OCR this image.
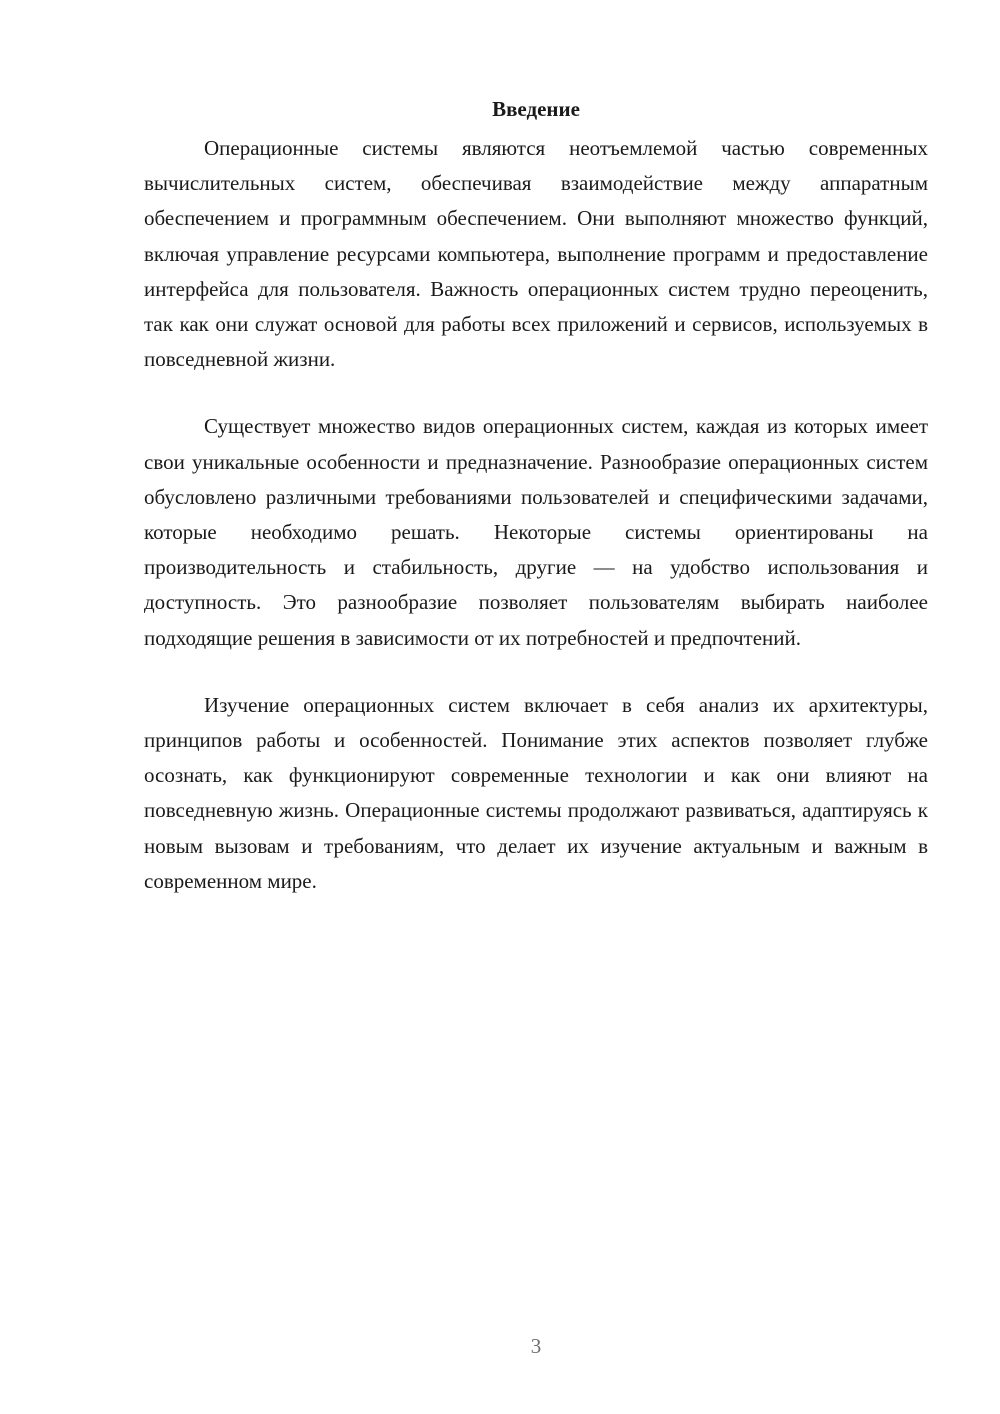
Введение

Операционные системы являются неотъемлемой частью современных вычислительных систем, обеспечивая взаимодействие между аппаратным обеспечением и программным обеспечением. Они выполняют множество функций, включая управление ресурсами компьютера, выполнение программ и предоставление интерфейса для пользователя. Важность операционных систем трудно переоценить, так как они служат основой для работы всех приложений и сервисов, используемых в повседневной жизни.

Существует множество видов операционных систем, каждая из которых имеет свои уникальные особенности и предназначение. Разнообразие операционных систем обусловлено различными требованиями пользователей и специфическими задачами, которые необходимо решать. Некоторые системы ориентированы на производительность и стабильность, другие — на удобство использования и доступность. Это разнообразие позволяет пользователям выбирать наиболее подходящие решения в зависимости от их потребностей и предпочтений.

Изучение операционных систем включает в себя анализ их архитектуры, принципов работы и особенностей. Понимание этих аспектов позволяет глубже осознать, как функционируют современные технологии и как они влияют на повседневную жизнь. Операционные системы продолжают развиваться, адаптируясь к новым вызовам и требованиям, что делает их изучение актуальным и важным в современном мире.

3
